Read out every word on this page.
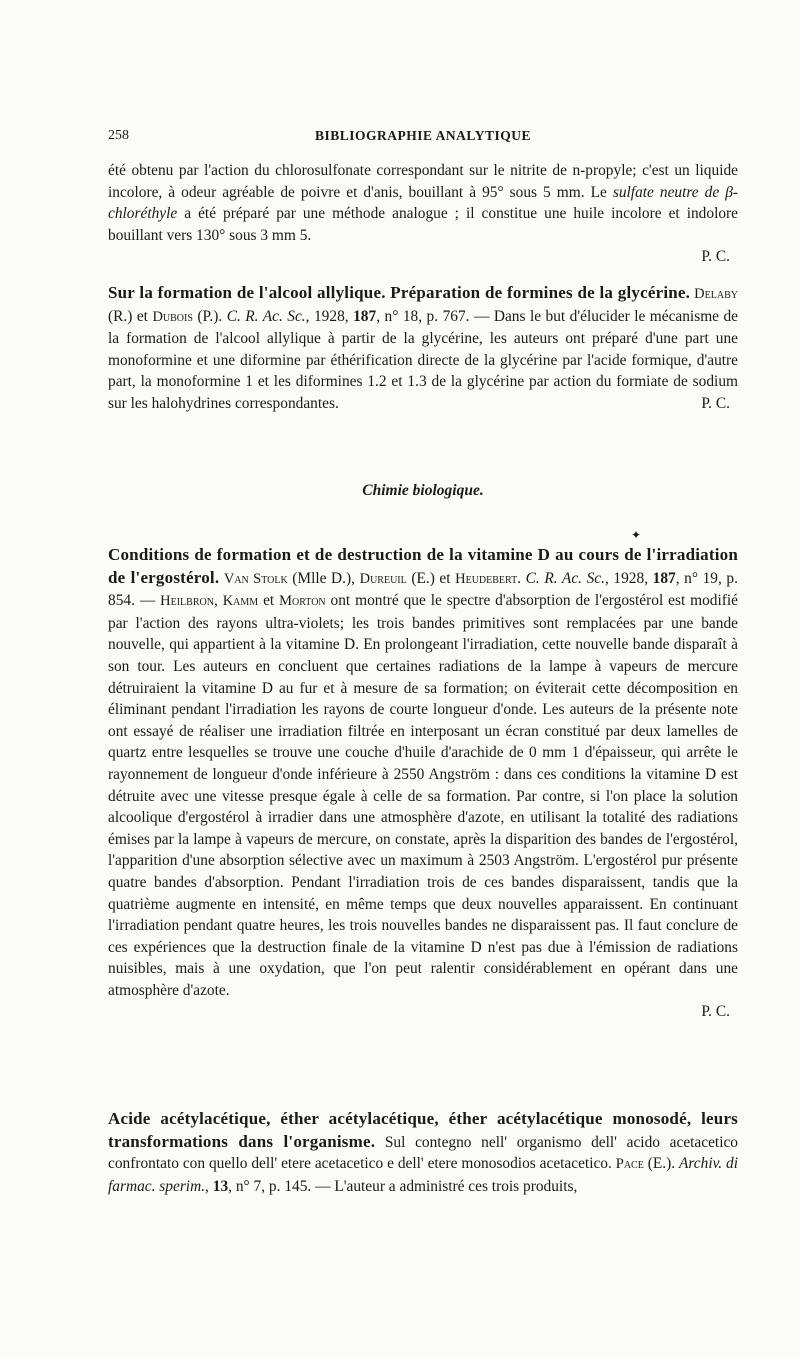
258	BIBLIOGRAPHIE ANALYTIQUE

été obtenu par l'action du chlorosulfonate correspondant sur le nitrite de n-propyle; c'est un liquide incolore, à odeur agréable de poivre et d'anis, bouillant à 95° sous 5 mm. Le sulfate neutre de β-chloréthyle a été préparé par une méthode analogue ; il constitue une huile incolore et indolore bouillant vers 130° sous 3 mm 5.

P. C.

Sur la formation de l'alcool allylique. Préparation de formines de la glycérine. Delaby (R.) et Dubois (P.). C. R. Ac. Sc., 1928, 187, n° 18, p. 767. — Dans le but d'élucider le mécanisme de la formation de l'alcool allylique à partir de la glycérine, les auteurs ont préparé d'une part une monoformine et une diformine par éthérification directe de la glycérine par l'acide formique, d'autre part, la monoformine 1 et les diformines 1.2 et 1.3 de la glycérine par action du formiate de sodium sur les halohydrines correspondantes.	P. C.

Chimie biologique.
✦

Conditions de formation et de destruction de la vitamine D au cours de l'irradiation de l'ergostérol. Van Stolk (Mlle D.), Dureuil (E.) et Heudebert. C. R. Ac. Sc., 1928, 187, n° 19, p. 854. — Heilbron, Kamm et Morton ont montré que le spectre d'absorption de l'ergostérol est modifié par l'action des rayons ultra-violets; les trois bandes primitives sont remplacées par une bande nouvelle, qui appartient à la vitamine D. En prolongeant l'irradiation, cette nouvelle bande disparaît à son tour. Les auteurs en concluent que certaines radiations de la lampe à vapeurs de mercure détruiraient la vitamine D au fur et à mesure de sa formation; on éviterait cette décomposition en éliminant pendant l'irradiation les rayons de courte longueur d'onde. Les auteurs de la présente note ont essayé de réaliser une irradiation filtrée en interposant un écran constitué par deux lamelles de quartz entre lesquelles se trouve une couche d'huile d'arachide de 0 mm 1 d'épaisseur, qui arrête le rayonnement de longueur d'onde inférieure à 2550 Angström : dans ces conditions la vitamine D est détruite avec une vitesse presque égale à celle de sa formation. Par contre, si l'on place la solution alcoolique d'ergostérol à irradier dans une atmosphère d'azote, en utilisant la totalité des radiations émises par la lampe à vapeurs de mercure, on constate, après la disparition des bandes de l'ergostérol, l'apparition d'une absorption sélective avec un maximum à 2503 Angström. L'ergostérol pur présente quatre bandes d'absorption. Pendant l'irradiation trois de ces bandes disparaissent, tandis que la quatrième augmente en intensité, en même temps que deux nouvelles apparaissent. En continuant l'irradiation pendant quatre heures, les trois nouvelles bandes ne disparaissent pas. Il faut conclure de ces expériences que la destruction finale de la vitamine D n'est pas due à l'émission de radiations nuisibles, mais à une oxydation, que l'on peut ralentir considérablement en opérant dans une atmosphère d'azote.

P. C.

Acide acétylacétique, éther acétylacétique, éther acétylacétique monosodé, leurs transformations dans l'organisme. Sul contegno nell' organismo dell' acido acetacetico confrontato con quello dell' etere acetacetico e dell' etere monosodios acetacetico. Pace (E.). Archiv. di farmac. sperim., 13, n° 7, p. 145. — L'auteur a administré ces trois produits,
